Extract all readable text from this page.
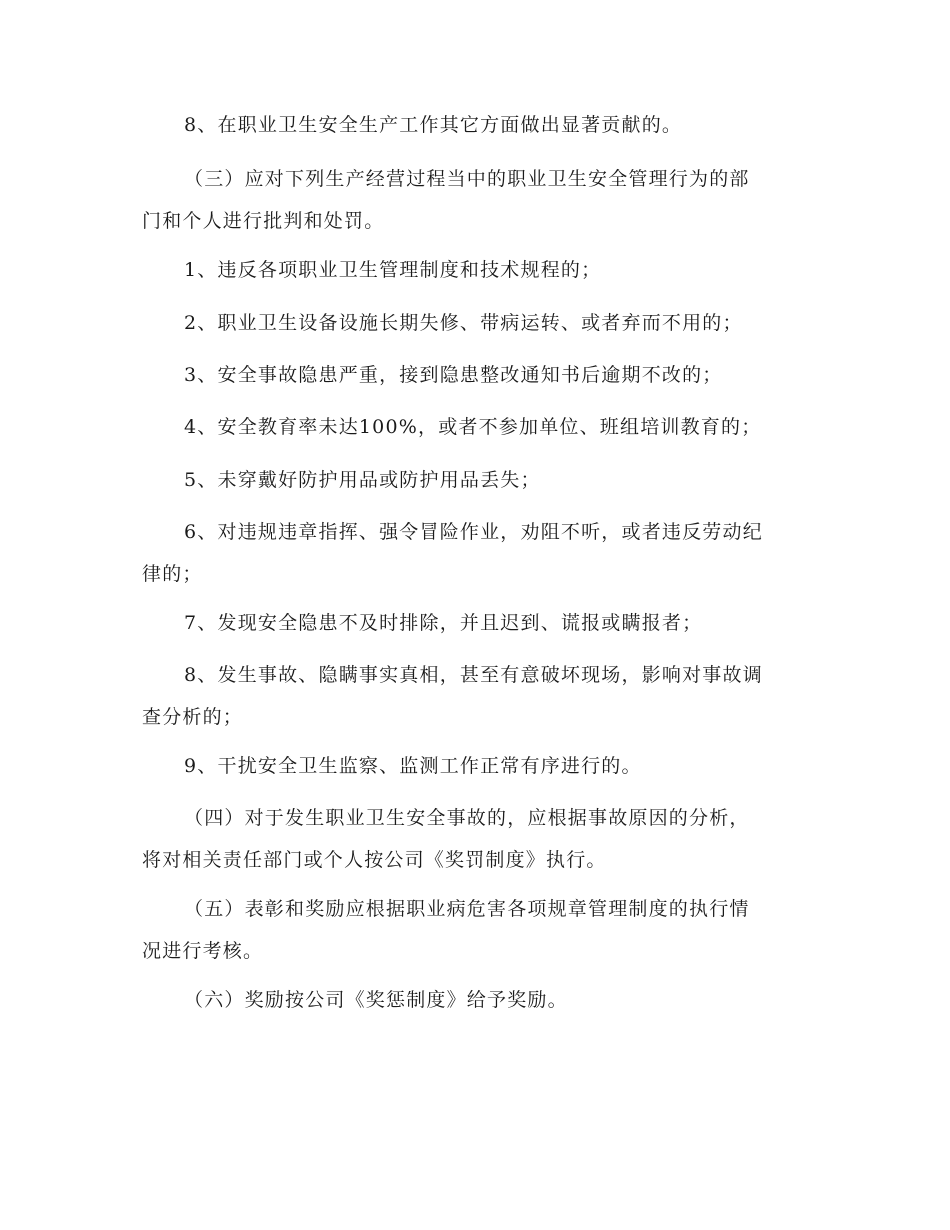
8、在职业卫生安全生产工作其它方面做出显著贡献的。
（三）应对下列生产经营过程当中的职业卫生安全管理行为的部
门和个人进行批判和处罚。
1、违反各项职业卫生管理制度和技术规程的；
2、职业卫生设备设施长期失修、带病运转、或者弃而不用的；
3、安全事故隐患严重，接到隐患整改通知书后逾期不改的；
4、安全教育率未达100%，或者不参加单位、班组培训教育的；
5、未穿戴好防护用品或防护用品丢失；
6、对违规违章指挥、强令冒险作业，劝阻不听，或者违反劳动纪
律的；
7、发现安全隐患不及时排除，并且迟到、谎报或瞒报者；
8、发生事故、隐瞒事实真相，甚至有意破坏现场，影响对事故调
查分析的；
9、干扰安全卫生监察、监测工作正常有序进行的。
（四）对于发生职业卫生安全事故的，应根据事故原因的分析，
将对相关责任部门或个人按公司《奖罚制度》执行。
（五）表彰和奖励应根据职业病危害各项规章管理制度的执行情
况进行考核。
（六）奖励按公司《奖惩制度》给予奖励。
